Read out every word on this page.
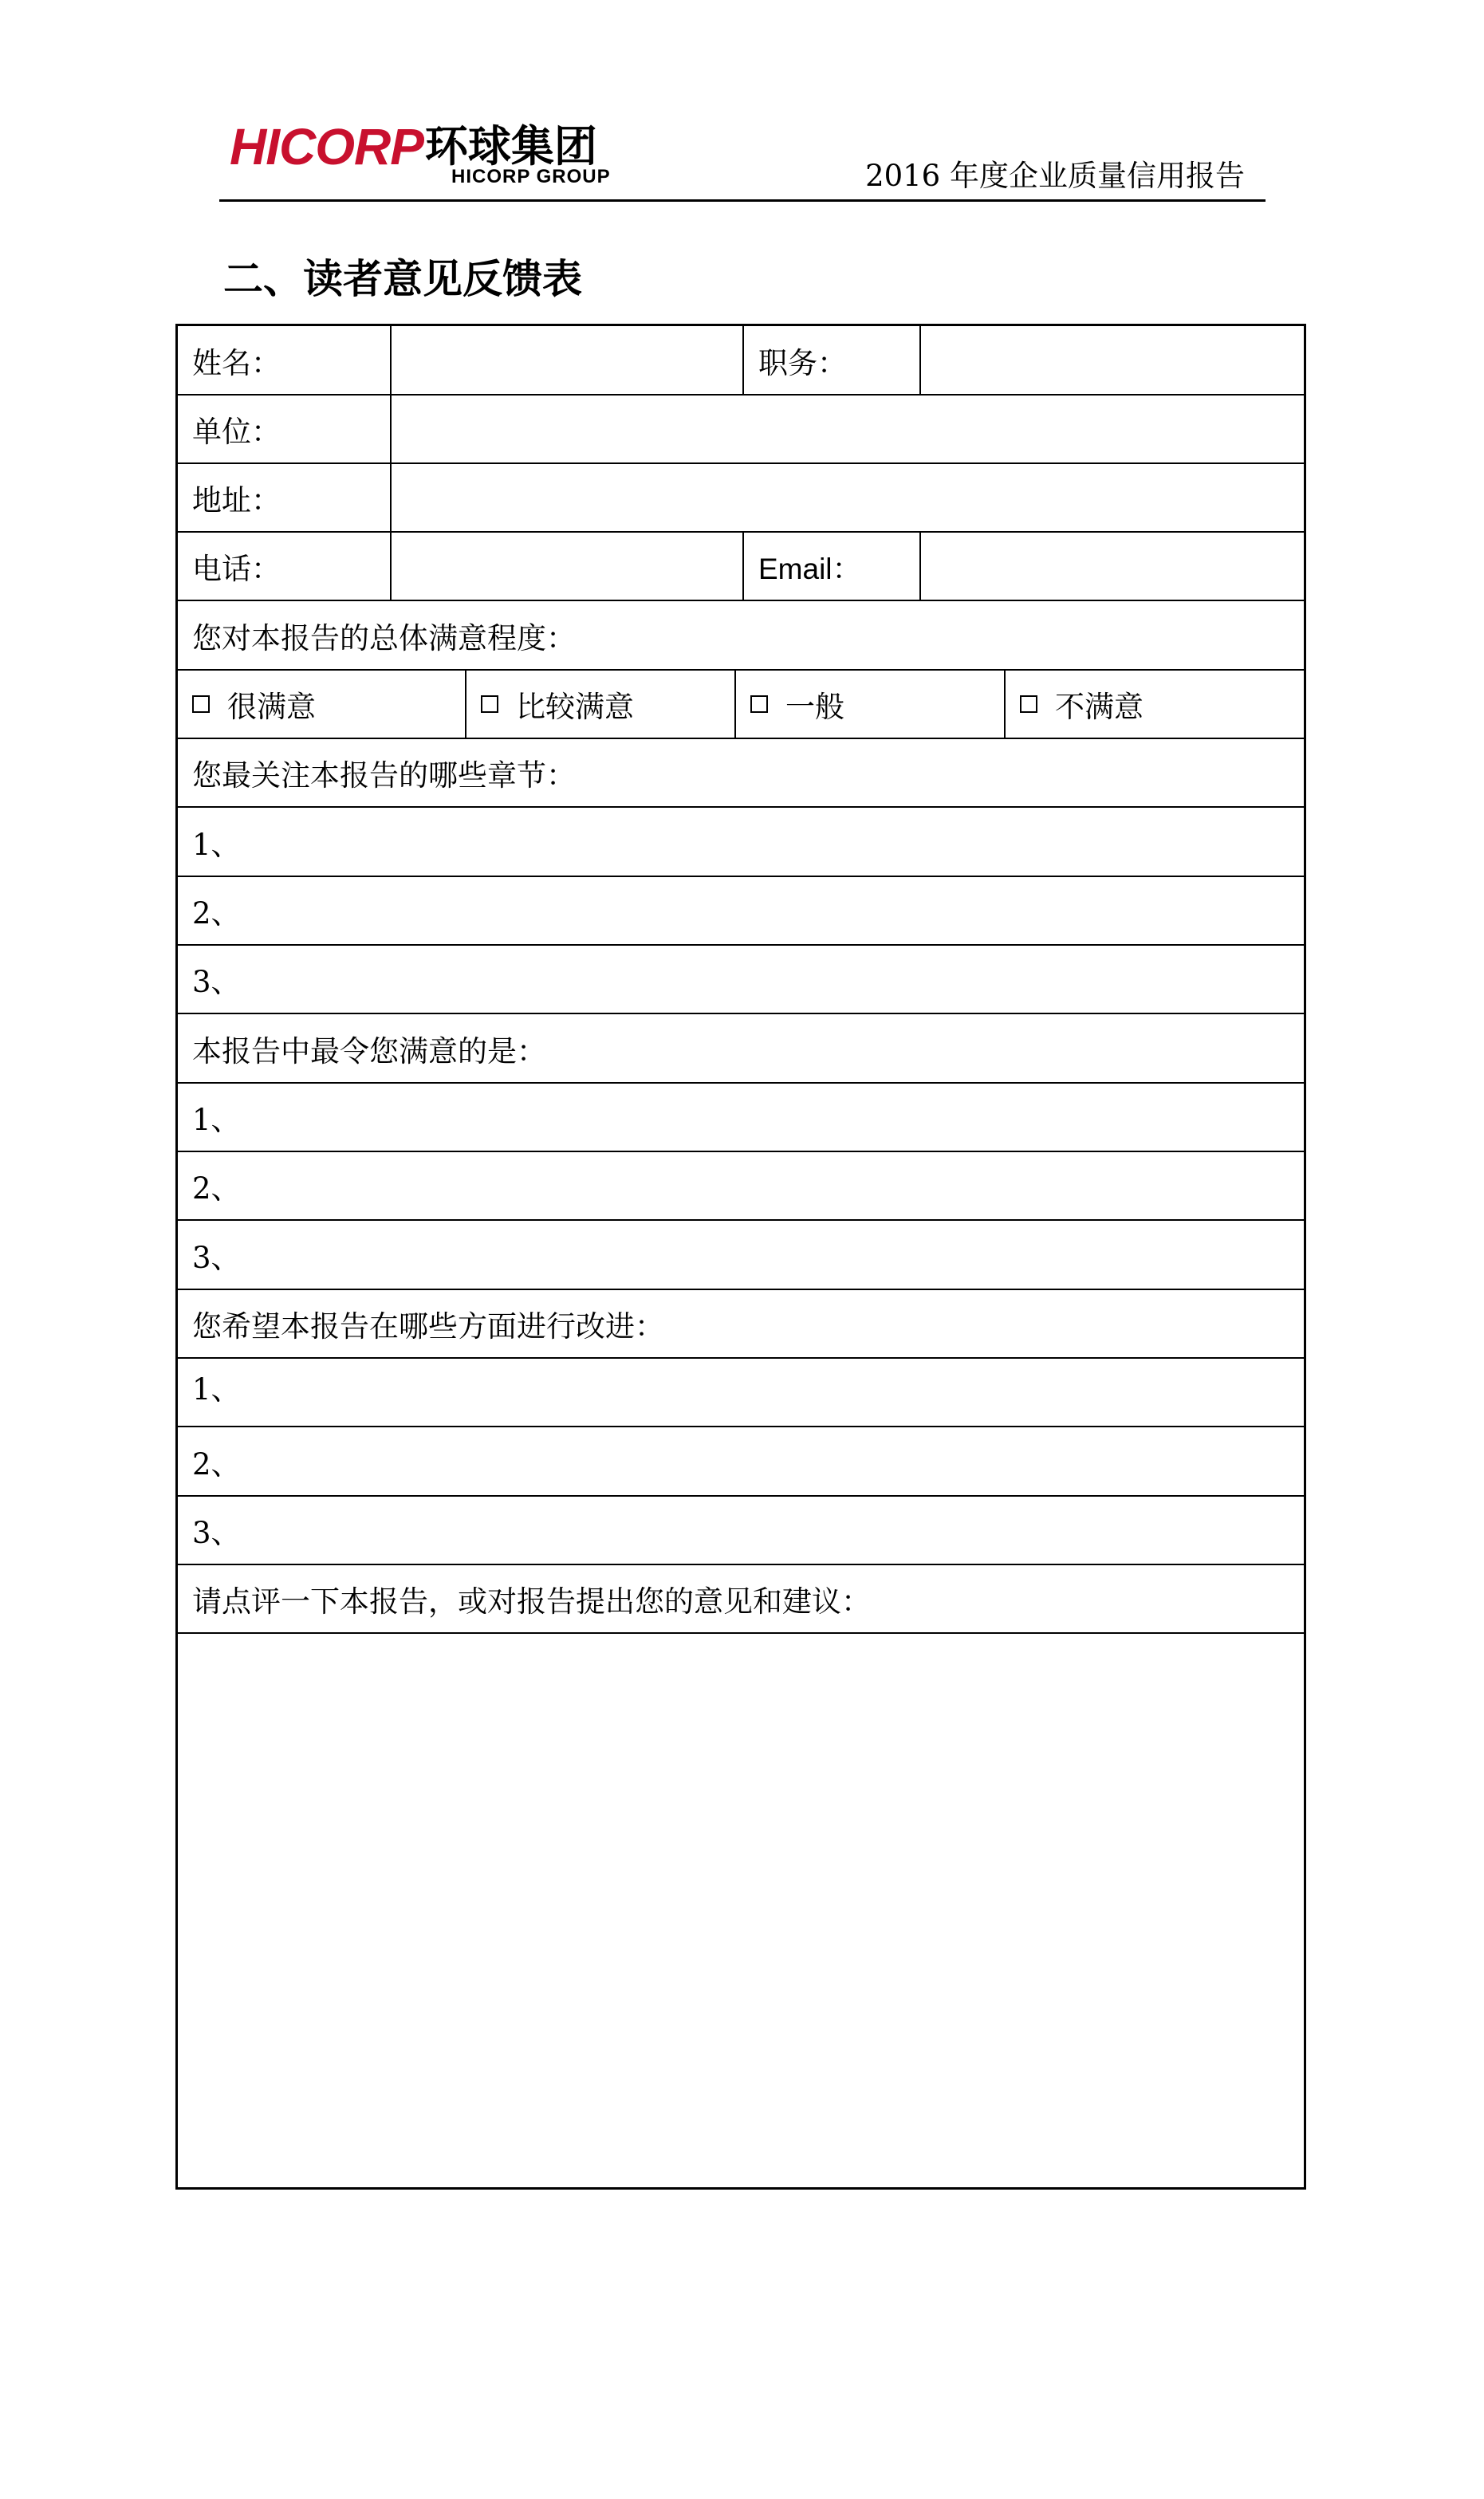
HICORP环球集团
HICORP GROUP	2016 年度企业质量信用报告
二、读者意见反馈表
姓名：	职务：
单位：
地址：
电话：	Email：
您对本报告的总体满意程度：
很满意	比较满意	一般	不满意
您最关注本报告的哪些章节：
1、
2、
3、
本报告中最令您满意的是：
1、
2、
3、
您希望本报告在哪些方面进行改进：
1、
2、
3、
请点评一下本报告，或对报告提出您的意见和建议：
